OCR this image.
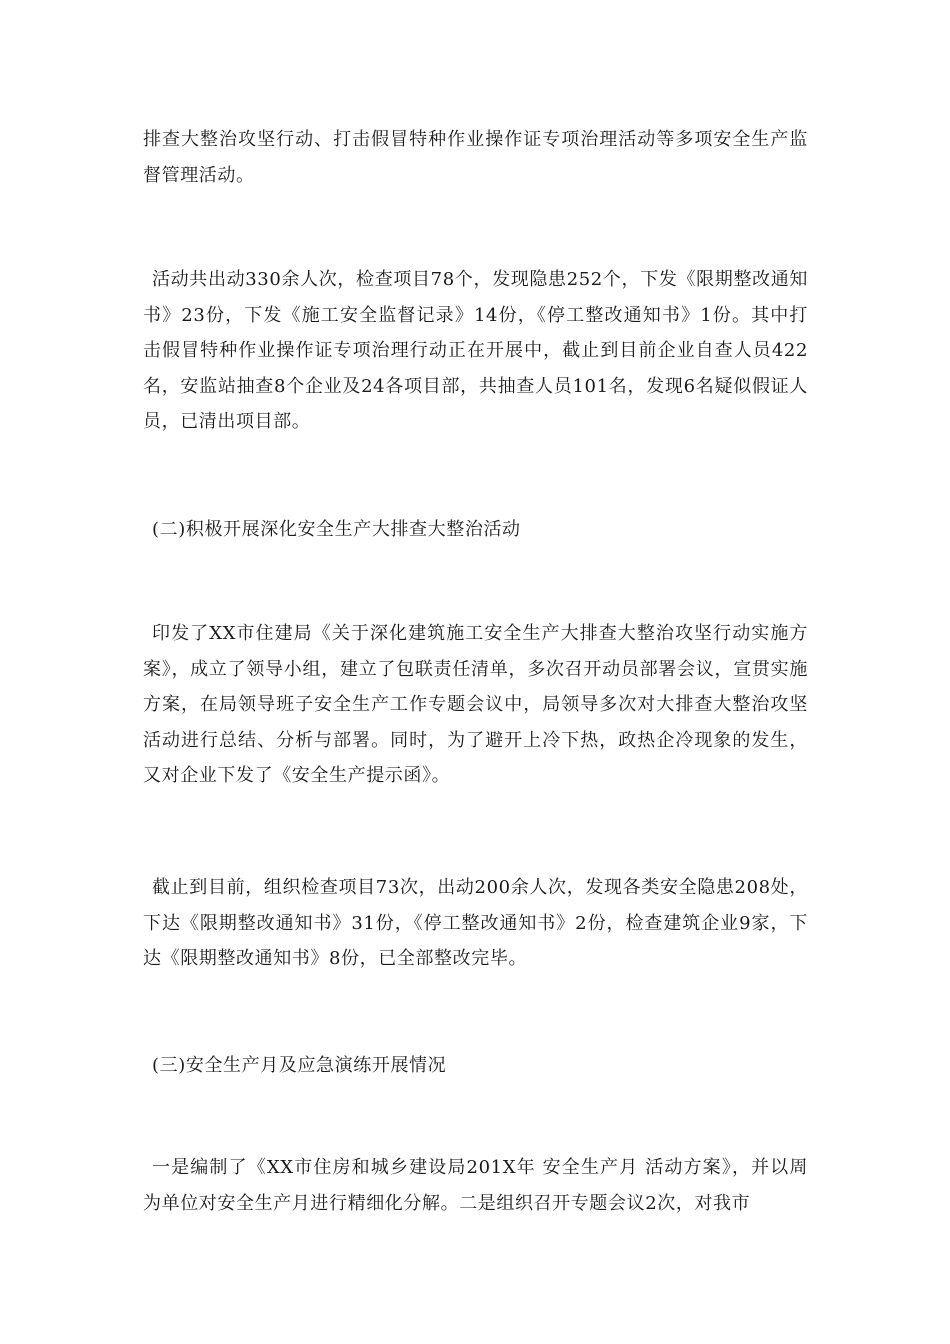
排查大整治攻坚行动、打击假冒特种作业操作证专项治理活动等多项安全生产监督管理活动。

活动共出动330余人次，检查项目78个，发现隐患252个，下发《限期整改通知书》23份，下发《施工安全监督记录》14份，《停工整改通知书》1份。其中打击假冒特种作业操作证专项治理行动正在开展中，截止到目前企业自查人员422名，安监站抽查8个企业及24各项目部，共抽查人员101名，发现6名疑似假证人员，已清出项目部。

(二)积极开展深化安全生产大排查大整治活动

印发了XX市住建局《关于深化建筑施工安全生产大排查大整治攻坚行动实施方案》，成立了领导小组，建立了包联责任清单，多次召开动员部署会议，宣贯实施方案，在局领导班子安全生产工作专题会议中，局领导多次对大排查大整治攻坚活动进行总结、分析与部署。同时，为了避开上冷下热，政热企冷现象的发生，又对企业下发了《安全生产提示函》。

截止到目前，组织检查项目73次，出动200余人次，发现各类安全隐患208处，下达《限期整改通知书》31份，《停工整改通知书》2份，检查建筑企业9家，下达《限期整改通知书》8份，已全部整改完毕。

(三)安全生产月及应急演练开展情况

一是编制了《XX市住房和城乡建设局201X年 安全生产月 活动方案》，并以周为单位对安全生产月进行精细化分解。二是组织召开专题会议2次，对我市
